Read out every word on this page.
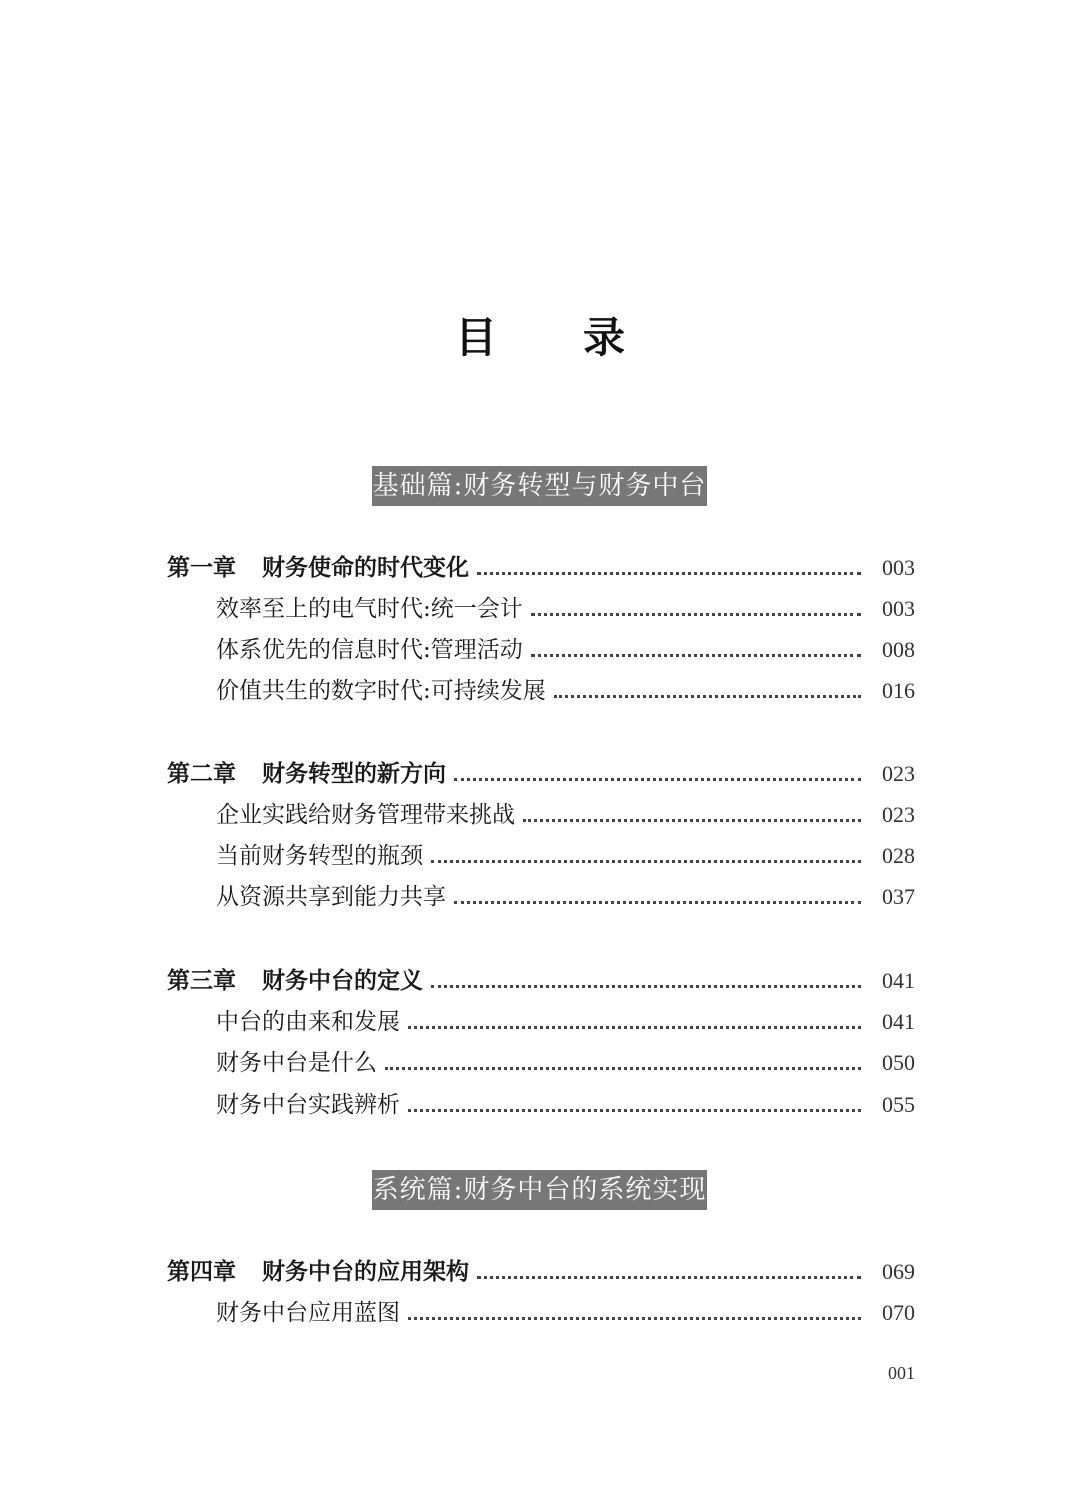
目 录
基础篇:财务转型与财务中台
第一章 财务使命的时代变化	003
效率至上的电气时代:统一会计	003
体系优先的信息时代:管理活动	008
价值共生的数字时代:可持续发展	016
第二章 财务转型的新方向	023
企业实践给财务管理带来挑战	023
当前财务转型的瓶颈	028
从资源共享到能力共享	037
第三章 财务中台的定义	041
中台的由来和发展	041
财务中台是什么	050
财务中台实践辨析	055
系统篇:财务中台的系统实现
第四章 财务中台的应用架构	069
财务中台应用蓝图	070
001
